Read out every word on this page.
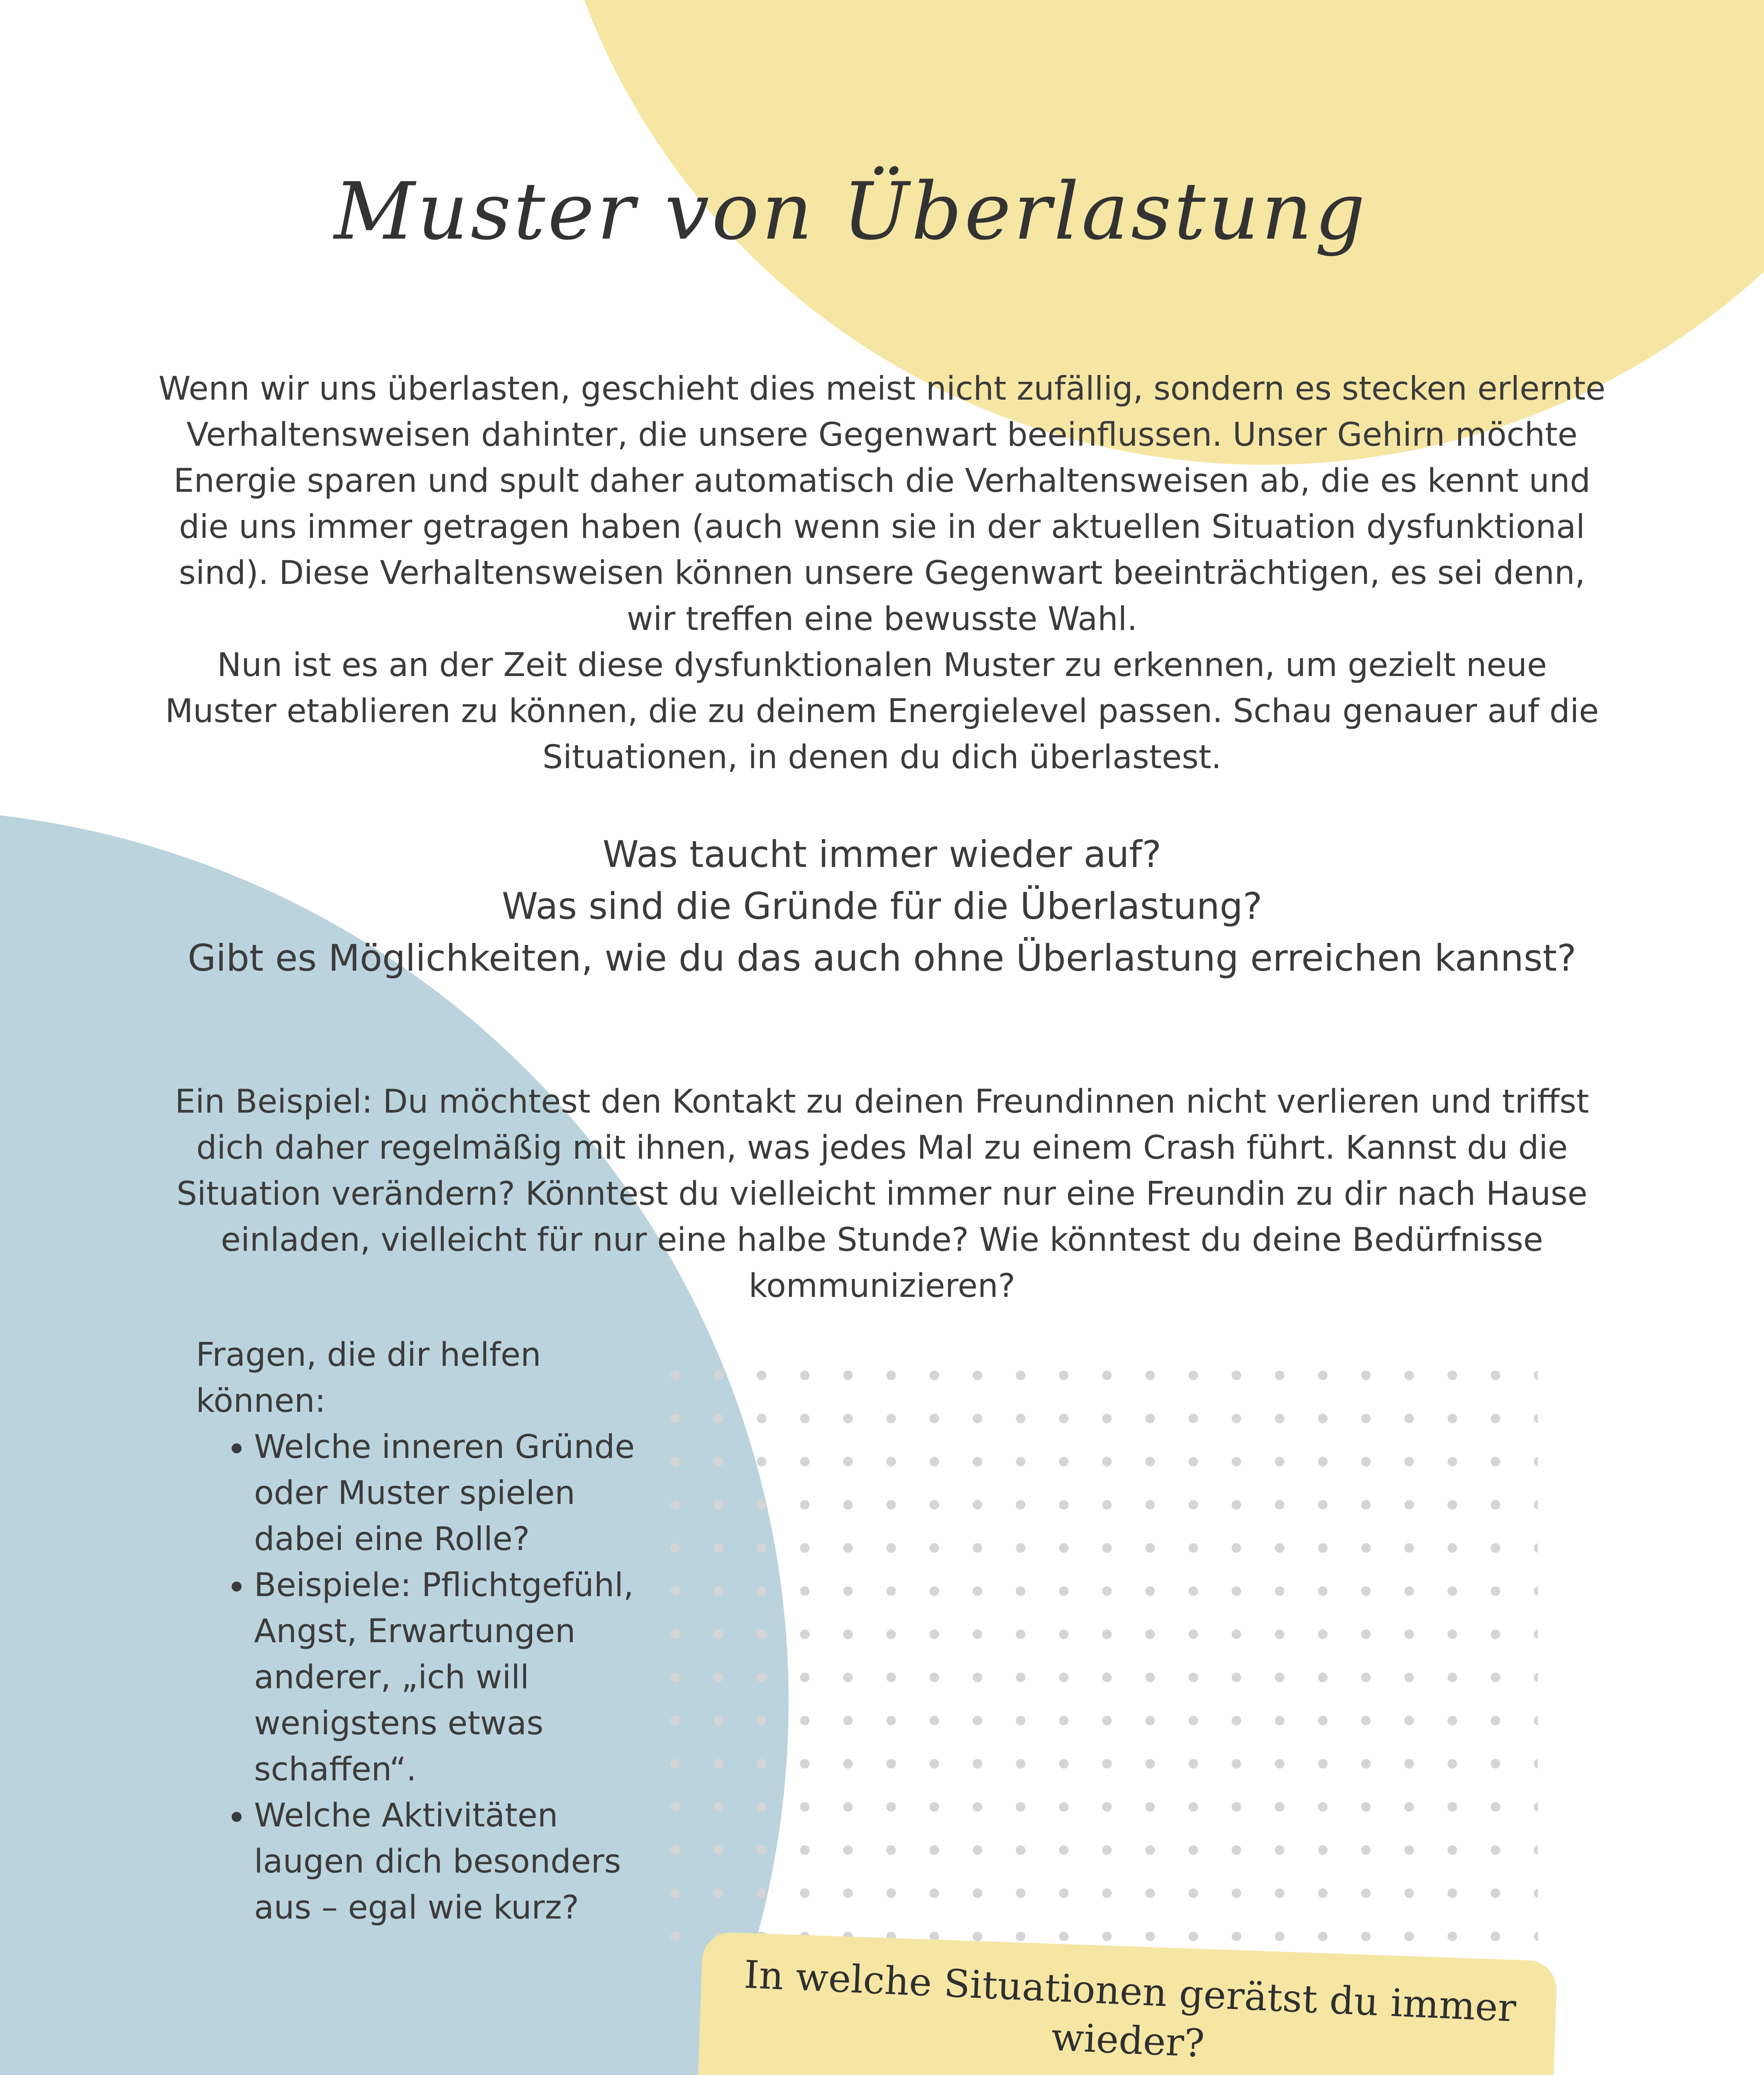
Muster von Überlastung
Wenn wir uns überlasten, geschieht dies meist nicht zufällig, sondern es stecken erlernte Verhaltensweisen dahinter, die unsere Gegenwart beeinflussen. Unser Gehirn möchte Energie sparen und spult daher automatisch die Verhaltensweisen ab, die es kennt und die uns immer getragen haben (auch wenn sie in der aktuellen Situation dysfunktional sind). Diese Verhaltensweisen können unsere Gegenwart beeinträchtigen, es sei denn, wir treffen eine bewusste Wahl.
Nun ist es an der Zeit diese dysfunktionalen Muster zu erkennen, um gezielt neue Muster etablieren zu können, die zu deinem Energielevel passen. Schau genauer auf die Situationen, in denen du dich überlastest.
Was taucht immer wieder auf?
Was sind die Gründe für die Überlastung?
Gibt es Möglichkeiten, wie du das auch ohne Überlastung erreichen kannst?
Ein Beispiel: Du möchtest den Kontakt zu deinen Freundinnen nicht verlieren und triffst dich daher regelmäßig mit ihnen, was jedes Mal zu einem Crash führt. Kannst du die Situation verändern? Könntest du vielleicht immer nur eine Freundin zu dir nach Hause einladen, vielleicht für nur eine halbe Stunde? Wie könntest du deine Bedürfnisse kommunizieren?

Fragen, die dir helfen können:

• Welche inneren Gründe oder Muster spielen dabei eine Rolle?
• Beispiele: Pflichtgefühl, Angst, Erwartungen anderer, „ich will wenigstens etwas schaffen“.
• Welche Aktivitäten laugen dich besonders aus – egal wie kurz?
In welche Situationen gerätst du immer wieder?
